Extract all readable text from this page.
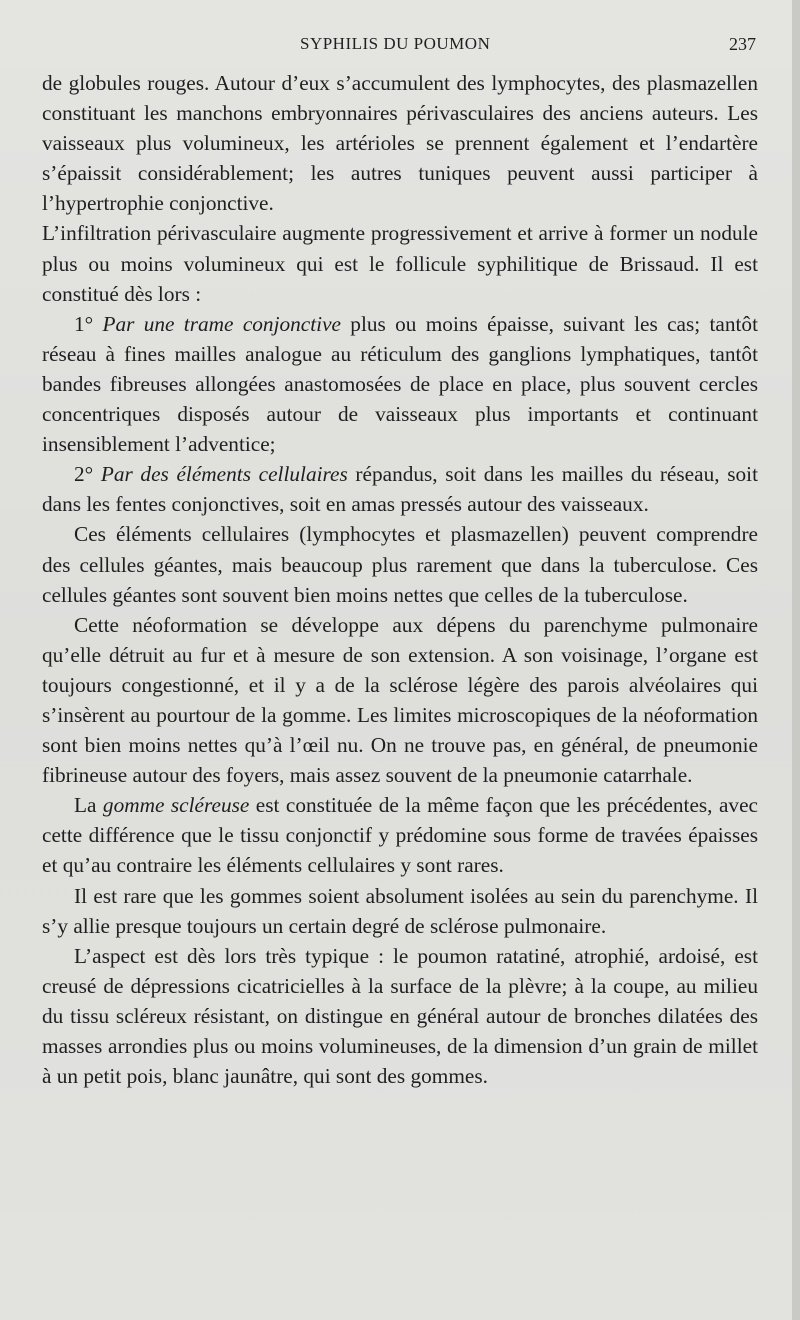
SYPHILIS DU POUMON	237

de globules rouges. Autour d’eux s’accumulent des lymphocytes, des plasmazellen constituant les manchons embryonnaires périvasculaires des anciens auteurs. Les vaisseaux plus volumineux, les artérioles se prennent également et l’endartère s’épaissit considérablement; les autres tuniques peuvent aussi participer à l’hypertrophie conjonctive.

L’infiltration périvasculaire augmente progressivement et arrive à former un nodule plus ou moins volumineux qui est le follicule syphilitique de Brissaud. Il est constitué dès lors :

1° Par une trame conjonctive plus ou moins épaisse, suivant les cas; tantôt réseau à fines mailles analogue au réticulum des ganglions lymphatiques, tantôt bandes fibreuses allongées anastomosées de place en place, plus souvent cercles concentriques disposés autour de vaisseaux plus importants et continuant insensiblement l’adventice;

2° Par des éléments cellulaires répandus, soit dans les mailles du réseau, soit dans les fentes conjonctives, soit en amas pressés autour des vaisseaux.

Ces éléments cellulaires (lymphocytes et plasmazellen) peuvent comprendre des cellules géantes, mais beaucoup plus rarement que dans la tuberculose. Ces cellules géantes sont souvent bien moins nettes que celles de la tuberculose.

Cette néoformation se développe aux dépens du parenchyme pulmonaire qu’elle détruit au fur et à mesure de son extension. A son voisinage, l’organe est toujours congestionné, et il y a de la sclérose légère des parois alvéolaires qui s’insèrent au pourtour de la gomme. Les limites microscopiques de la néoformation sont bien moins nettes qu’à l’œil nu. On ne trouve pas, en général, de pneumonie fibrineuse autour des foyers, mais assez souvent de la pneumonie catarrhale.

La gomme scléreuse est constituée de la même façon que les précédentes, avec cette différence que le tissu conjonctif y prédomine sous forme de travées épaisses et qu’au contraire les éléments cellulaires y sont rares.

Il est rare que les gommes soient absolument isolées au sein du parenchyme. Il s’y allie presque toujours un certain degré de sclérose pulmonaire.

L’aspect est dès lors très typique : le poumon ratatiné, atrophié, ardoisé, est creusé de dépressions cicatricielles à la surface de la plèvre; à la coupe, au milieu du tissu scléreux résistant, on distingue en général autour de bronches dilatées des masses arrondies plus ou moins volumineuses, de la dimension d’un grain de millet à un petit pois, blanc jaunâtre, qui sont des gommes.
